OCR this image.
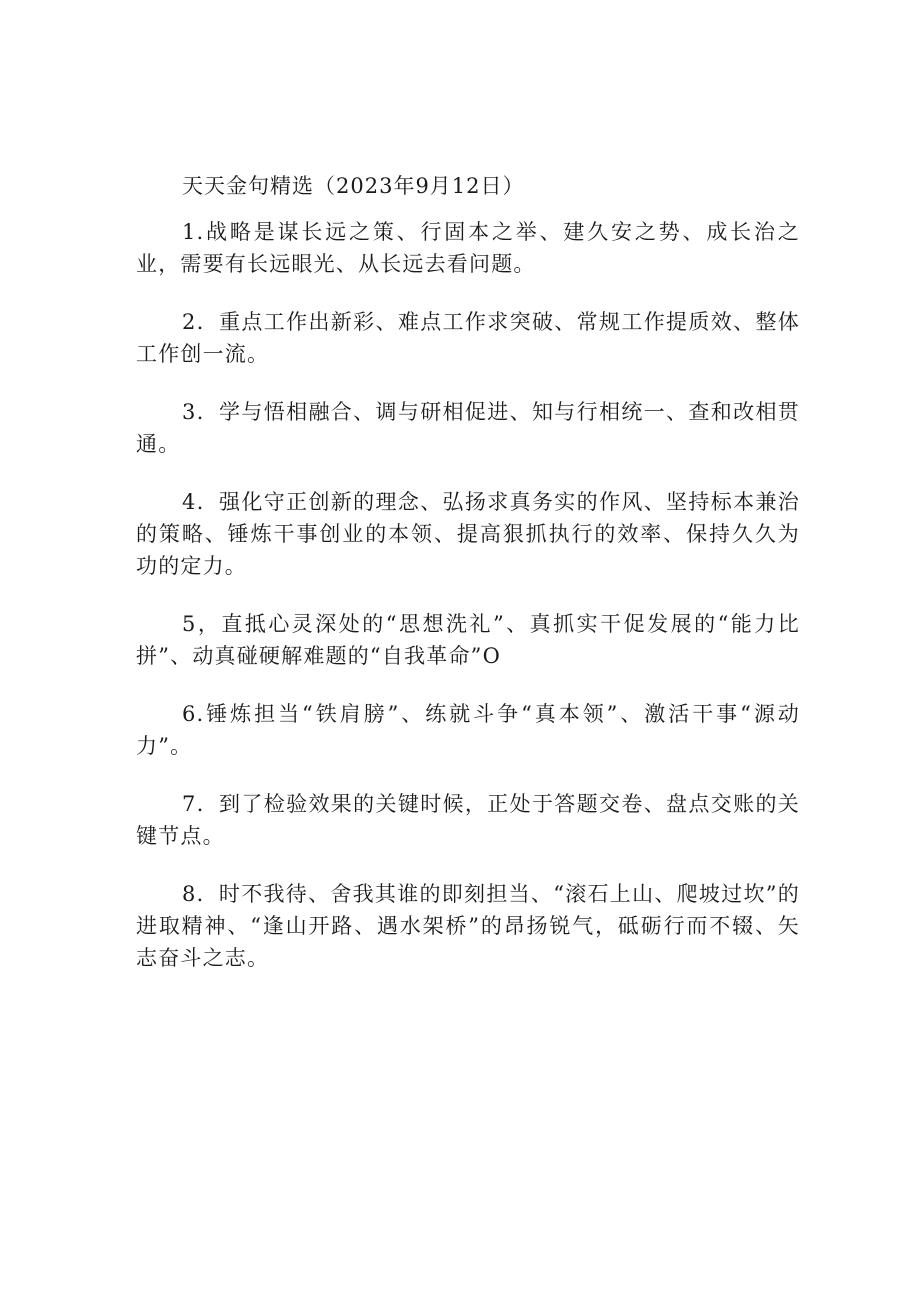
天天金句精选（2023年9月12日）

1.战略是谋长远之策、行固本之举、建久安之势、成长治之业，需要有长远眼光、从长远去看问题。

2．重点工作出新彩、难点工作求突破、常规工作提质效、整体工作创一流。

3．学与悟相融合、调与研相促进、知与行相统一、查和改相贯通。

4．强化守正创新的理念、弘扬求真务实的作风、坚持标本兼治的策略、锤炼干事创业的本领、提高狠抓执行的效率、保持久久为功的定力。

5，直抵心灵深处的“思想洗礼”、真抓实干促发展的“能力比拼”、动真碰硬解难题的“自我革命”O

6.锤炼担当“铁肩膀”、练就斗争“真本领”、激活干事“源动力”。

7．到了检验效果的关键时候，正处于答题交卷、盘点交账的关键节点。

8．时不我待、舍我其谁的即刻担当、“滚石上山、爬坡过坎”的进取精神、“逢山开路、遇水架桥”的昂扬锐气，砥砺行而不辍、矢志奋斗之志。
